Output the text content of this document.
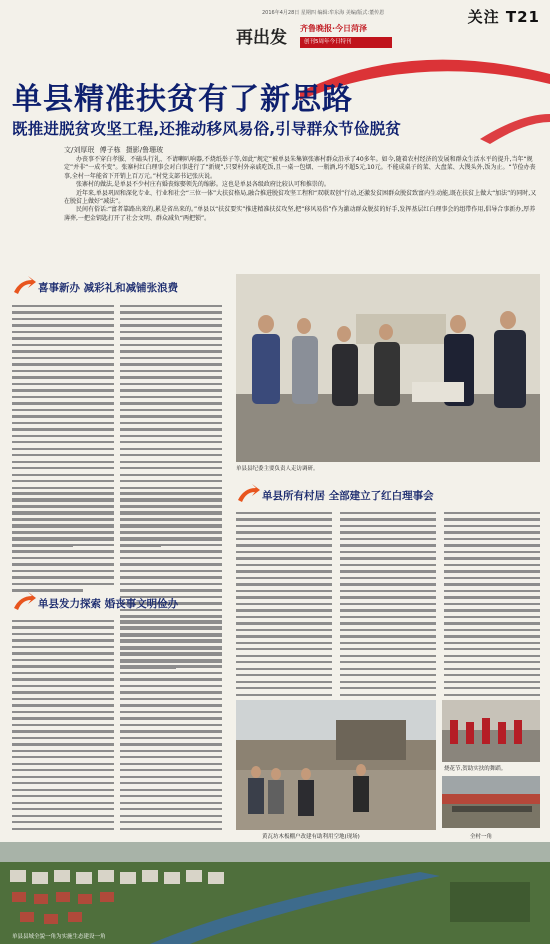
2016年4月28日 星期四 编辑:牟东海 美编/版式:董传恩	关注 T21
再出发 齐鲁晚报·今日菏泽
创刊5周年今日特刊
单县精准扶贫有了新思路
既推进脱贫攻坚工程,还推动移风易俗,引导群众节俭脱贫
文/刘厚珉 傅子栋 摄影/鲁珊玻

办丧事不穿白孝服、不磕头行礼、不请喇叭响器,不烧纸举子等,如此“规定”被单县朱集镇张寨村群众沿承了40多年。如今,随着农村经济的发展和群众生活水平的提升,当年“规定”并非“一成不变”。张寨村红白理事会对白事进行了“新规”,只要村外亲戚吃饭,且一桌一包烟、一瓶酒,均不超5元,10元。不能成桌子的菜、大盘菜、大馒头外,饭为止。“节俭办丧事,全村一年能省下开销上百万元。”村党支部书记张庆说。

张寨村的做法,是单县不少村庄有婚丧嫁娶领先的缩影。这也是单县各级政府比较认可和推崇的。

近年来,单县巩固和深化专业、行业和社会“三位一体”大扶贫格局,融合推进脱贫攻坚工程和“双联双创”行动,还激发贫困群众脱贫致富内生动能,既在扶贫上做大“加法”的同时,又在脱贫上做好“减法”。

民间有俗话:“富者靠路出来的,累是省出来的。”单县以“扶贫要实”推进精准扶贫攻坚,把“移风易俗”作为激动群众脱贫的好手,发挥基层红白理事会的组带作用,倡导合事新办,厚养薄葬,一把金钥匙打开了社会文明、群众减负“两把锁”。

喜事新办 减彩礼和减铺张浪费
单县县纪委主要负责人走访调研。
单县所有村居 全部建立了红白理事会
单县发力探索 婚丧事文明俭办
黄瓦坊木板棚户改建有助利用空地(现场)
烧花节,贺助实扶的舞蹈。
全村一角
单县县域全貌一角为实施生态建设一角
